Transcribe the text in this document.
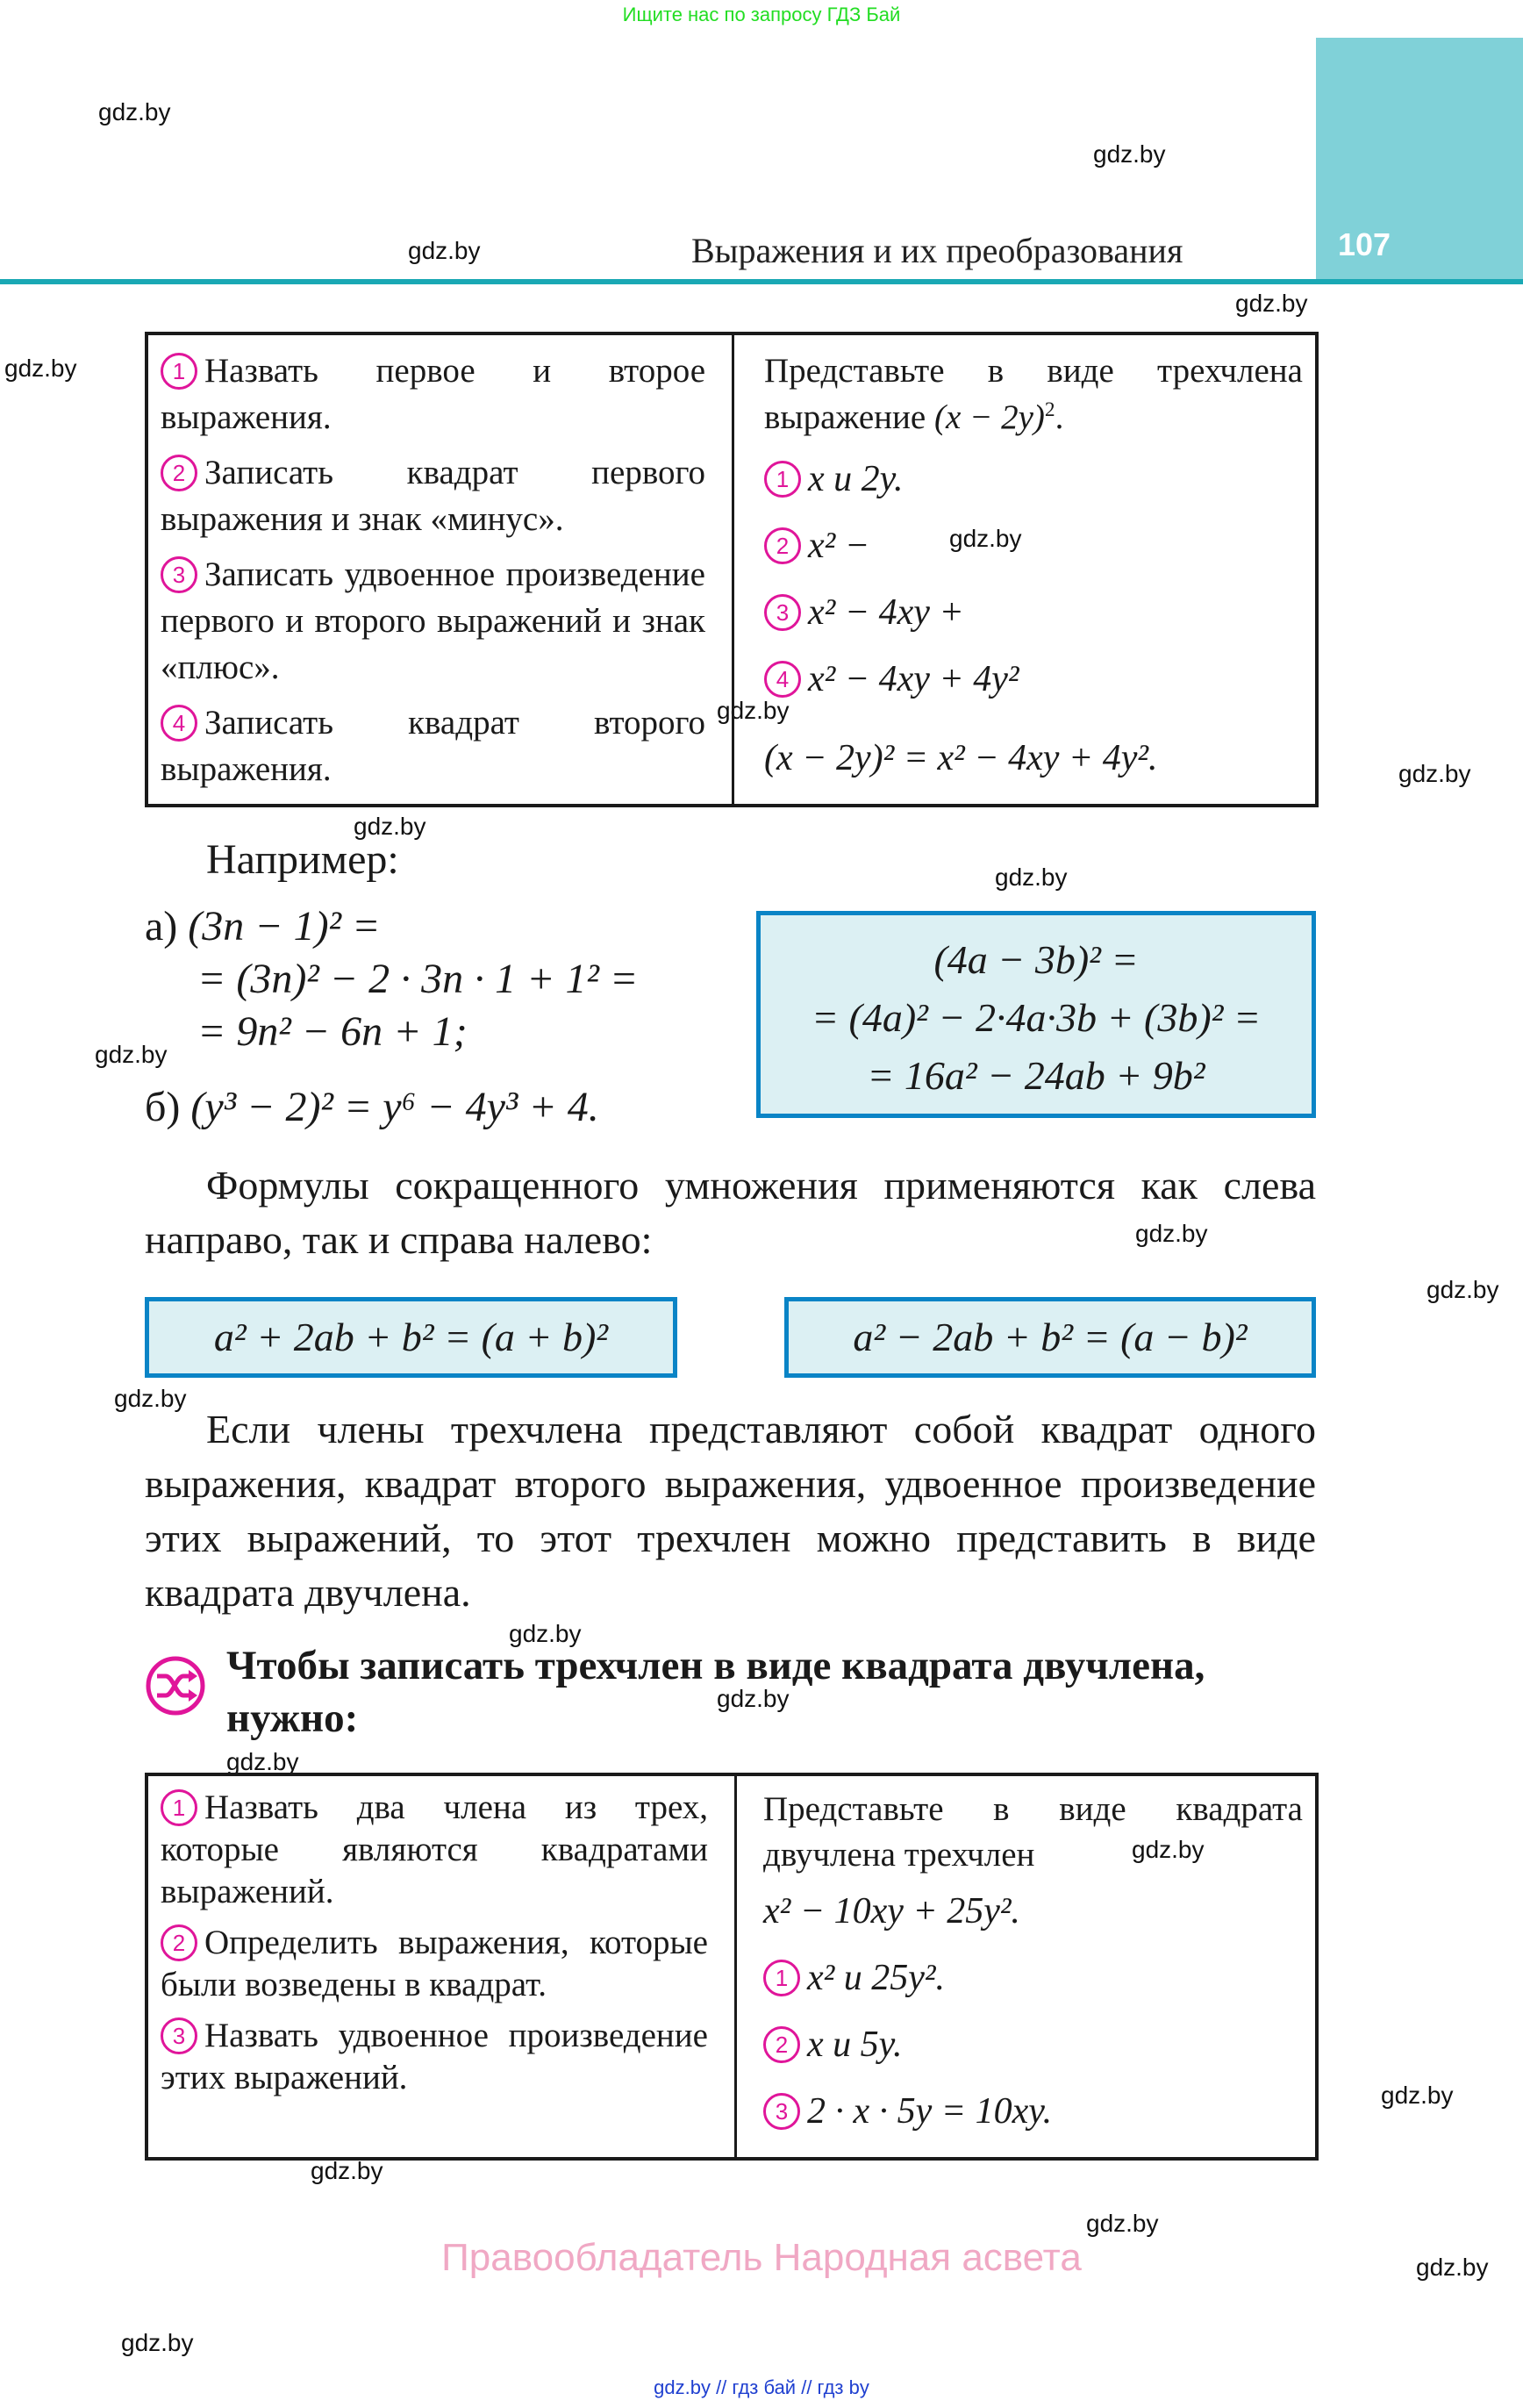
Ищите нас по запросу ГДЗ Бай
gdz.by
gdz.by
gdz.by
gdz.by
gdz.by
gdz.by
gdz.by
gdz.by
gdz.by
gdz.by
gdz.by
gdz.by
gdz.by
gdz.by
gdz.by
gdz.by
gdz.by
gdz.by
gdz.by
gdz.by
gdz.by
gdz.by
gdz.by
107
Выражения и их преобразования

1 Назвать первое и второе выражения.

2 Записать квадрат первого выражения и знак «минус».

3 Записать удвоенное произведение первого и второго выражений и знак «плюс».

4 Записать квадрат второго выражения.

Представьте в виде трехчлена выражение $(x - 2y)^2$.
1 x и 2y.
2 x² −
3 x² − 4xy +
4 x² − 4xy + 4y²
(x − 2y)² = x² − 4xy + 4y².
Например:
а) (3n − 1)² =
= (3n)² − 2 · 3n · 1 + 1² =
= 9n² − 6n + 1;
б) (y³ − 2)² = y⁶ − 4y³ + 4.
(4a − 3b)² =
= (4a)² − 2·4a·3b + (3b)² =
= 16a² − 24ab + 9b²
Формулы сокращенного умножения применяются как слева направо, так и справа налево:
a² + 2ab + b² = (a + b)²	a² − 2ab + b² = (a − b)²
Если члены трехчлена представляют собой квадрат одного выражения, квадрат второго выражения, удвоенное произведение этих выражений, то этот трехчлен можно представить в виде квадрата двучлена.
Чтобы записать трехчлен в виде квадрата двучлена, нужно:

1 Назвать два члена из трех, которые являются квадратами выражений.

2 Определить выражения, которые были возведены в квадрат.

3 Назвать удвоенное произведение этих выражений.

Представьте в виде квадрата двучлена трехчлен
x² − 10xy + 25y².
1 x² и 25y².
2 x и 5y.
3 2 · x · 5y = 10xy.
Правообладатель Народная асвета
gdz.by // гдз бай // гдз by
